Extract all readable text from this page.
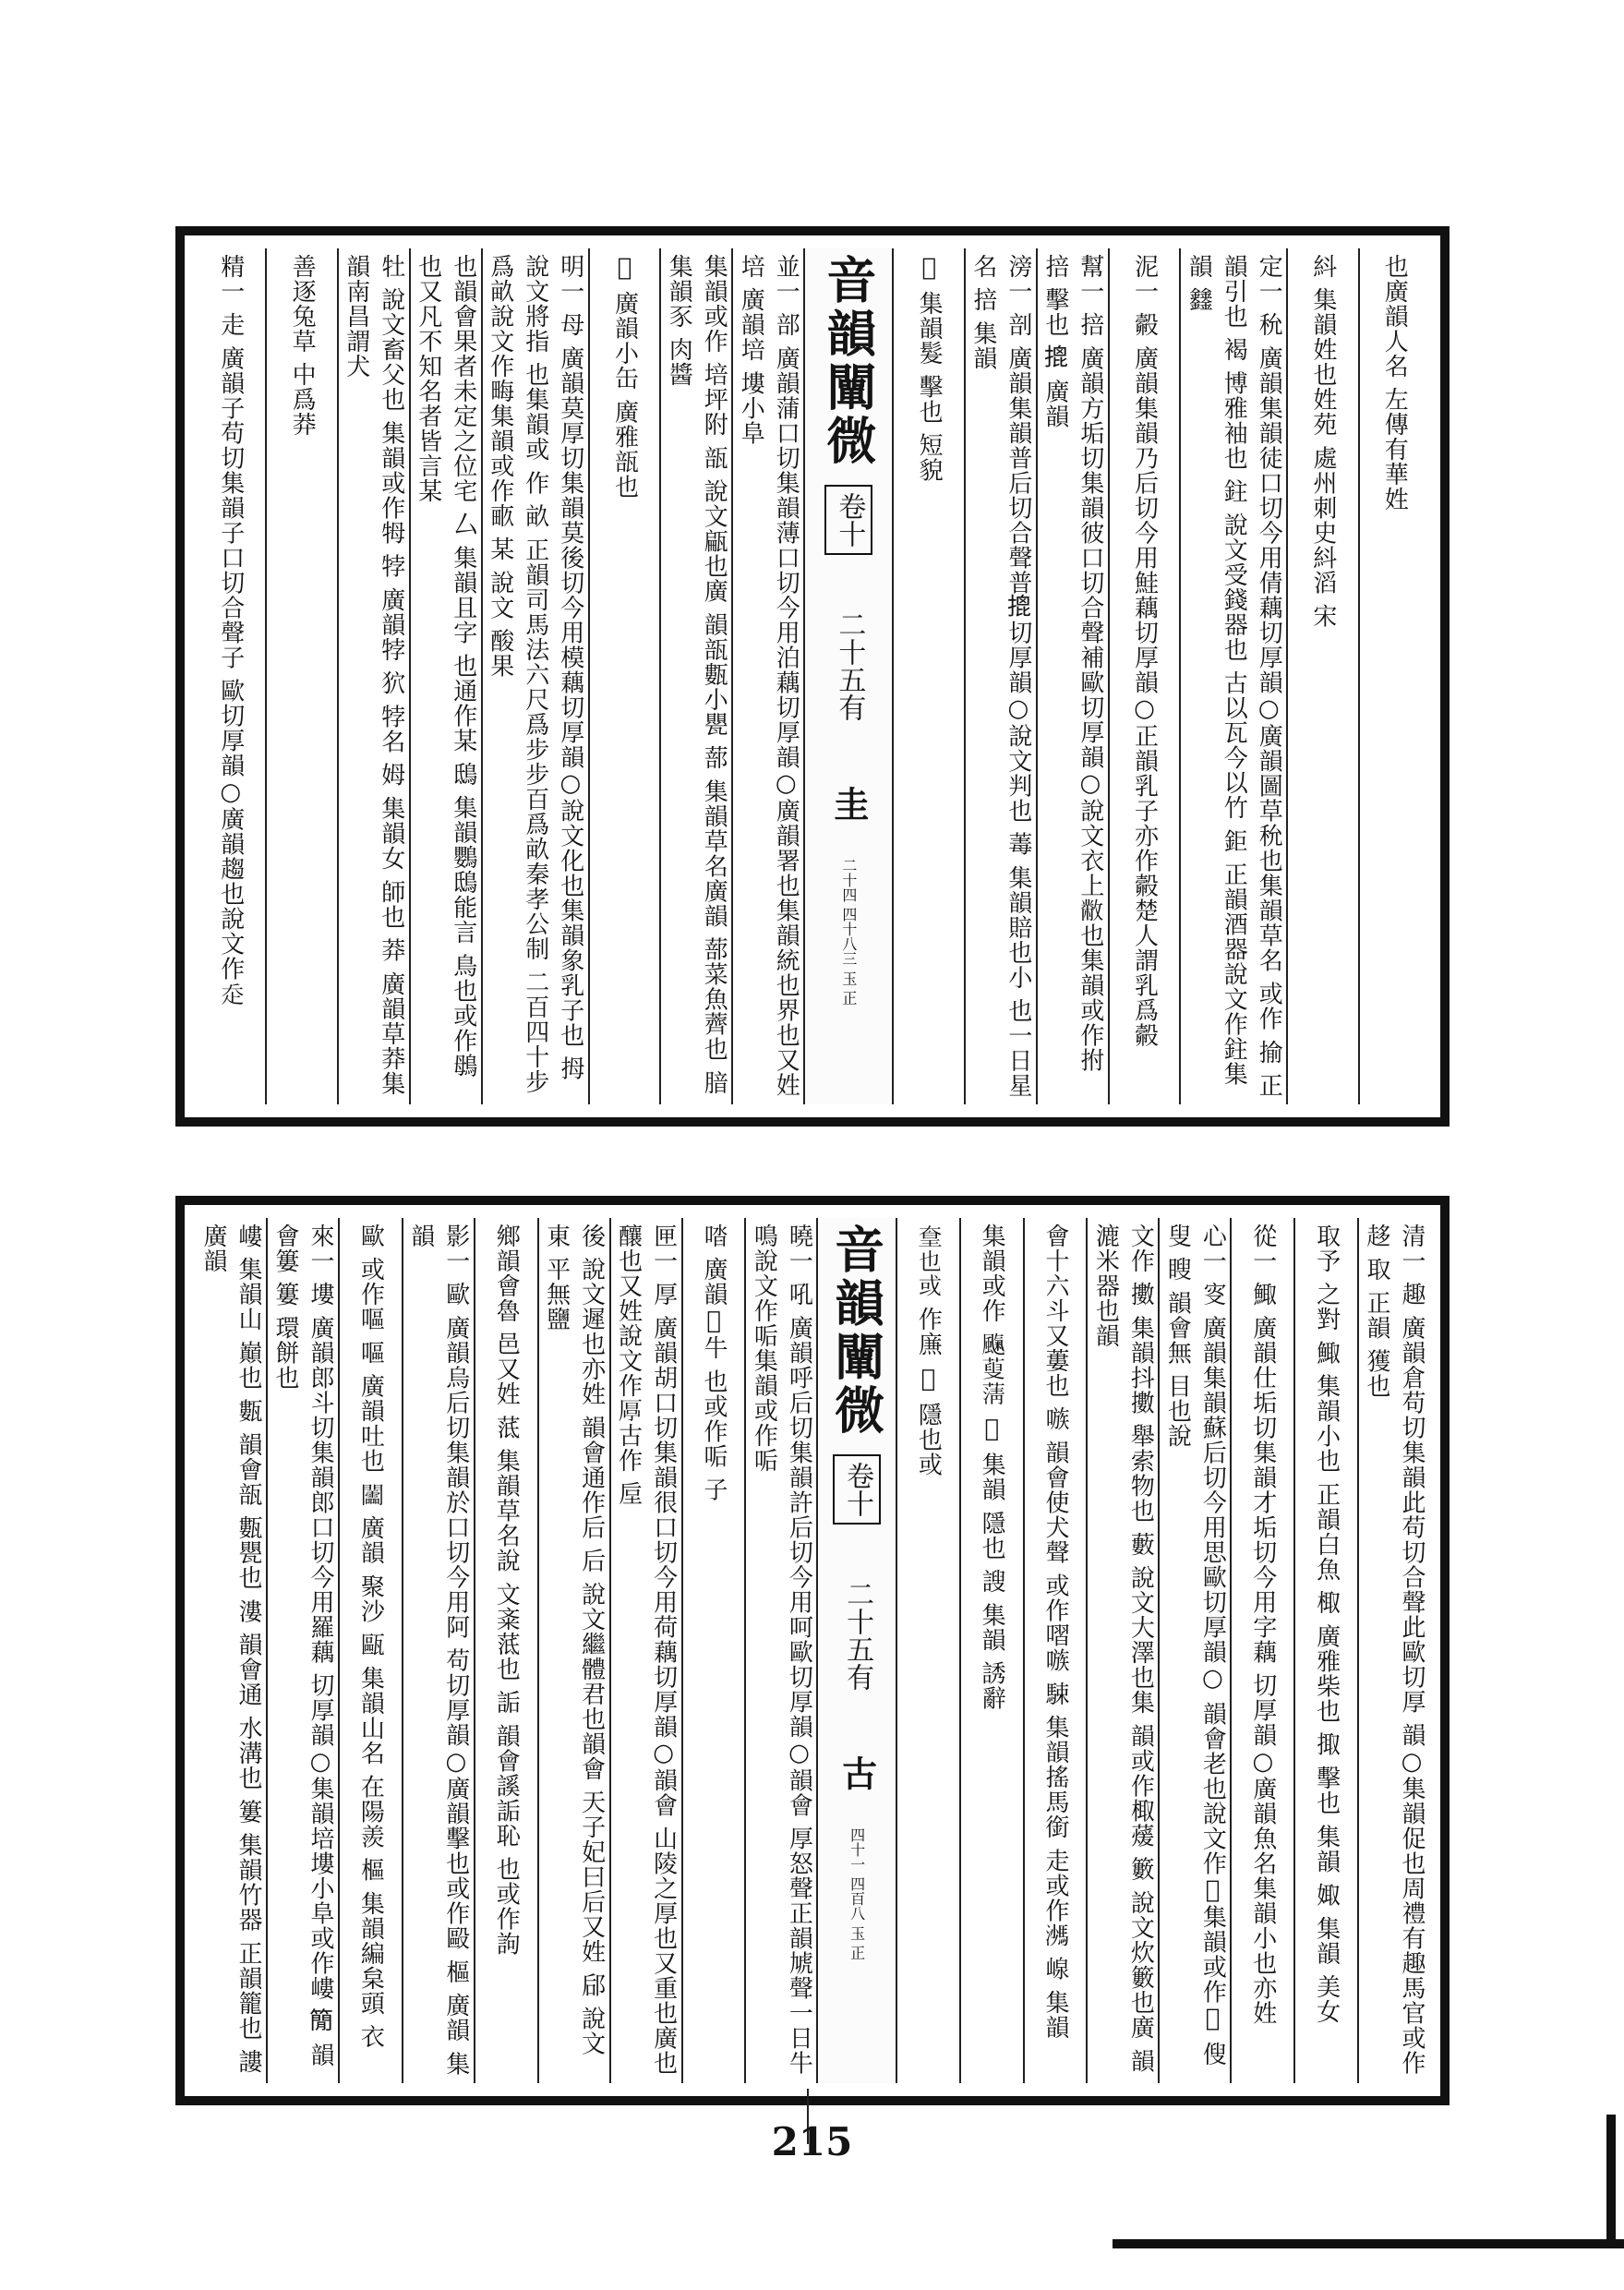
也廣韻人名 左傳有華姓
紏 集韻姓也姓苑 處州刺史紏滔 宋
定一 𥝲 廣韻集韻徒口切今用倩藕切厚韻○廣韻圖草𥝲也集韻草名 或作 揄 正韻引也 褐 博雅袖也 鉒 說文受錢器也 古以瓦今以竹 鉅 正韻酒器說文作鉒集韻 𨰻
泥一 㲉 廣韻集韻乃后切今用鮭藕切厚韻○正韻乳子亦作㲉楚人謂乳爲㲉
幫一 掊 廣韻方垢切集韻彼口切合聲補歐切厚韻○說文衣上𣀅也集韻或作拊 掊 擊也 𢱧 廣韻
滂一 剖 廣韻集韻普后切合聲普𢱧切厚韻○說文判也 䓯 集韻賠也小 也一日星名 掊 集韻
𩭛 集韻髮 擊也 短貌
音韻闡微
卷十
二十五有
圭
二十四 四十八三 玉 正
並一 部 廣韻蒲口切集韻薄口切今用泊藕切厚韻○廣韻署也集韻統也界也又姓 培 廣韻培 塿小阜
集韻或作 培坪附 瓿 說文甂也廣 韻瓿甊小甖 蔀 集韻草名廣韻 蔀菜魚薺也 腤 集韻豕 肉醬
𩶷 廣韻小缶 廣雅瓿也
明一 母 廣韻莫厚切集韻莫後切今用模藕切厚韻○說文化也集韻象乳子也 拇 說文將指 也集韻或 作 畝 正韻司馬法六尺爲步步百爲畝秦孝公制 二百四十步爲畝說文作畮集韻或作畞 某 說文 酸果
也韻會果者未定之位宅 厶 集韻且字 也通作某 鴟 集韻鸚鴟能言 鳥也或作䳇 也又凡不知名者皆言某
牡 說文畜父也 集韻或作牳 㹀 廣韻㹀 狖 㹀名 姆 集韻女 師也 莽 廣韻草莽集 韻南昌謂犬
善逐兔草 中爲莽
精一 走 廣韻子苟切集韻子口切合聲子 歐切厚韻○廣韻趨也說文作𧺆
清一 趣 廣韻倉苟切集韻此苟切合聲此歐切厚 韻○集韻促也周禮有趣馬官或作趍 取 正韻 獲也
取予 之對 鯫 集韻小也 正韻白魚 棷 廣雅柴也 掫 擊也 集韻 娵 集韻 美女
從一 鯫 廣韻仕垢切集韻才垢切今用字藕 切厚韻○廣韻魚名集韻小也亦姓
心一 叜 廣韻集韻蘇后切今用思歐切厚韻○ 韻會老也說文作𡠾集韻或作𡘚 傁 叟 瞍 韻會無 目也說
文作 擻 集韻抖擻 舉索物也 藪 說文大澤也集 韻或作棷蕿 籔 說文炊籔也廣 韻漉米器也韻
會十六斗又蔞也 嗾 韻會使犬聲 或作㗩嗾 駷 集韻搖馬銜 走或作𩣠 㟫 集韻
集韻或作 𩘞蓃蔳 𢈪 集韻 隱也 謏 集韻 誘辭
𡙙也或 作㢘 𥃆 隱也或
音韻闡微
卷十
二十五有
古
四十一 四百八 玉 正
曉一 吼 廣韻呼后切集韻許后切今用呵歐切厚韻○韻會 厚怒聲正韻虓聲一日牛鳴說文作㖃集韻或作㖃
𠴲 廣韻𧞤牛 也或作㖃 子
匣一 厚 廣韻胡口切集韻很口切今用荷藕切厚韻○韻會 山陵之厚也又重也廣也釀也又姓說文作𠪋古作 垕
後 說文遲也亦姓 韻會通作后 后 說文繼體君也韻會 天子妃曰后又姓 郈 說文東 平無鹽
鄉韻會魯 邑又姓 䓜 集韻草名說 文㪰䓜也 詬 韻會謑詬恥 也或作訽
影一 歐 廣韻烏后切集韻於口切今用阿 苟切厚韻○廣韻擊也或作毆 樞 廣韻 集韻
歐 或作嘔 嘔 廣韻吐也 𨷰 廣韻 聚沙 甌 集韻山名 在陽羨 樞 集韻編枲頭 衣
來一 塿 廣韻郎斗切集韻郎口切今用羅藕 切厚韻○集韻培塿小阜或作嶁 𥳑 韻會簍 簍 環餅也
嶁 集韻山 巔也 甊 韻會瓿 甊甖也 漊 韻會通 水溝也 簍 集韻竹器 正韻籠也 謱 廣韻
215
